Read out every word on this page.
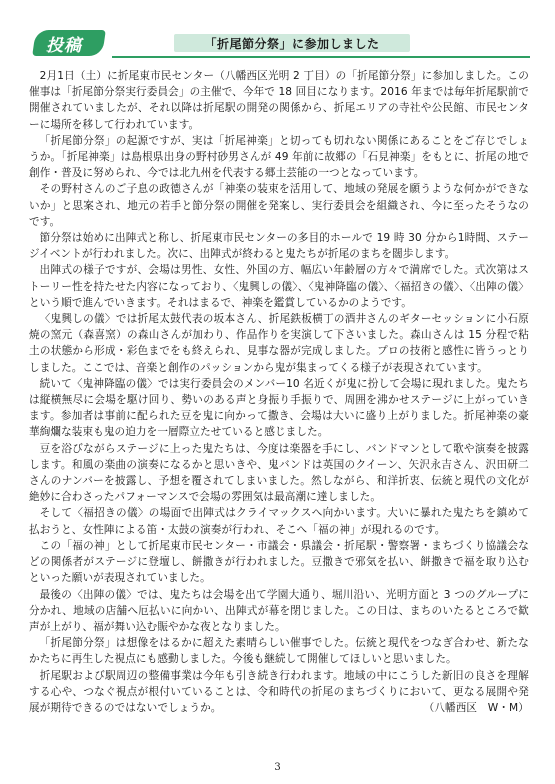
投稿	「折尾節分祭」に参加しました

2月1日（土）に折尾東市民センター（八幡西区光明 2 丁目）の「折尾節分祭」に参加しました。この催事は「折尾節分祭実行委員会」の主催で、今年で 18 回目になります。2016 年までは毎年折尾駅前で開催されていましたが、それ以降は折尾駅の開発の関係から、折尾エリアの寺社や公民館、市民センターに場所を移して行われています。

「折尾節分祭」の起源ですが、実は「折尾神楽」と切っても切れない関係にあることをご存じでしょうか。「折尾神楽」は島根県出身の野村砂男さんが 49 年前に故郷の「石見神楽」をもとに、折尾の地で創作・普及に努められ、今では北九州を代表する郷土芸能の一つとなっています。

その野村さんのご子息の政德さんが「神楽の装束を活用して、地域の発展を願うような何かができないか」と思案され、地元の若手と節分祭の開催を発案し、実行委員会を組織され、今に至ったそうなのです。

節分祭は始めに出陣式と称し、折尾東市民センターの多目的ホールで 19 時 30 分から1時間、ステージイベントが行われました。次に、出陣式が終わると鬼たちが折尾のまちを闊歩します。

出陣式の様子ですが、会場は男性、女性、外国の方、幅広い年齢層の方々で満席でした。式次第はストーリー性を持たせた内容になっており、〈鬼興しの儀〉、〈鬼神降臨の儀〉、〈福招きの儀〉、〈出陣の儀〉という順で進んでいきます。それはまるで、神楽を鑑賞しているかのようです。

〈鬼興しの儀〉では折尾太鼓代表の坂本さん、折尾鉄板横丁の酒井さんのギターセッションに小石原焼の窯元（森喜窯）の森山さんが加わり、作品作りを実演して下さいました。森山さんは 15 分程で粘土の状態から形成・彩色までをも終えられ、見事な器が完成しました。プロの技術と感性に皆うっとりしました。ここでは、音楽と創作のパッションから鬼が集まってくる様子が表現されています。

続いて〈鬼神降臨の儀〉では実行委員会のメンバー10 名近くが鬼に扮して会場に現れました。鬼たちは縦横無尽に会場を駆け回り、勢いのある声と身振り手振りで、周囲を沸かせステージに上がっていきます。参加者は事前に配られた豆を鬼に向かって撒き、会場は大いに盛り上がりました。折尾神楽の豪華絢爛な装束も鬼の迫力を一層際立たせていると感じました。

豆を浴びながらステージに上った鬼たちは、今度は楽器を手にし、バンドマンとして歌や演奏を披露します。和風の楽曲の演奏になるかと思いきや、鬼バンドは英国のクイーン、矢沢永吉さん、沢田研二さんのナンバーを披露し、予想を覆されてしまいました。然しながら、和洋折衷、伝統と現代の文化が絶妙に合わさったパフォーマンスで会場の雰囲気は最高潮に達しました。

そして〈福招きの儀〉の場面で出陣式はクライマックスへ向かいます。大いに暴れた鬼たちを鎮めて払おうと、女性陣による笛・太鼓の演奏が行われ、そこへ「福の神」が現れるのです。

この「福の神」として折尾東市民センター・市議会・県議会・折尾駅・警察署・まちづくり協議会などの関係者がステージに登壇し、餅撒きが行われました。豆撒きで邪気を払い、餅撒きで福を取り込むといった願いが表現されていました。

最後の〈出陣の儀〉では、鬼たちは会場を出て学園大通り、堀川沿い、光明方面と 3 つのグループに分かれ、地域の店舗へ厄払いに向かい、出陣式が幕を閉じました。この日は、まちのいたるところで歓声が上がり、福が舞い込む賑やかな夜となりました。

「折尾節分祭」は想像をはるかに超えた素晴らしい催事でした。伝統と現代をつなぎ合わせ、新たなかたちに再生した視点にも感動しました。今後も継続して開催してほしいと思いました。

折尾駅および駅周辺の整備事業は今年も引き続き行われます。地域の中にこうした新旧の良さを理解する心や、つなぐ視点が根付いていることは、令和時代の折尾のまちづくりにおいて、更なる展開や発展が期待できるのではないでしょうか。	（八幡西区　W・M）

3
